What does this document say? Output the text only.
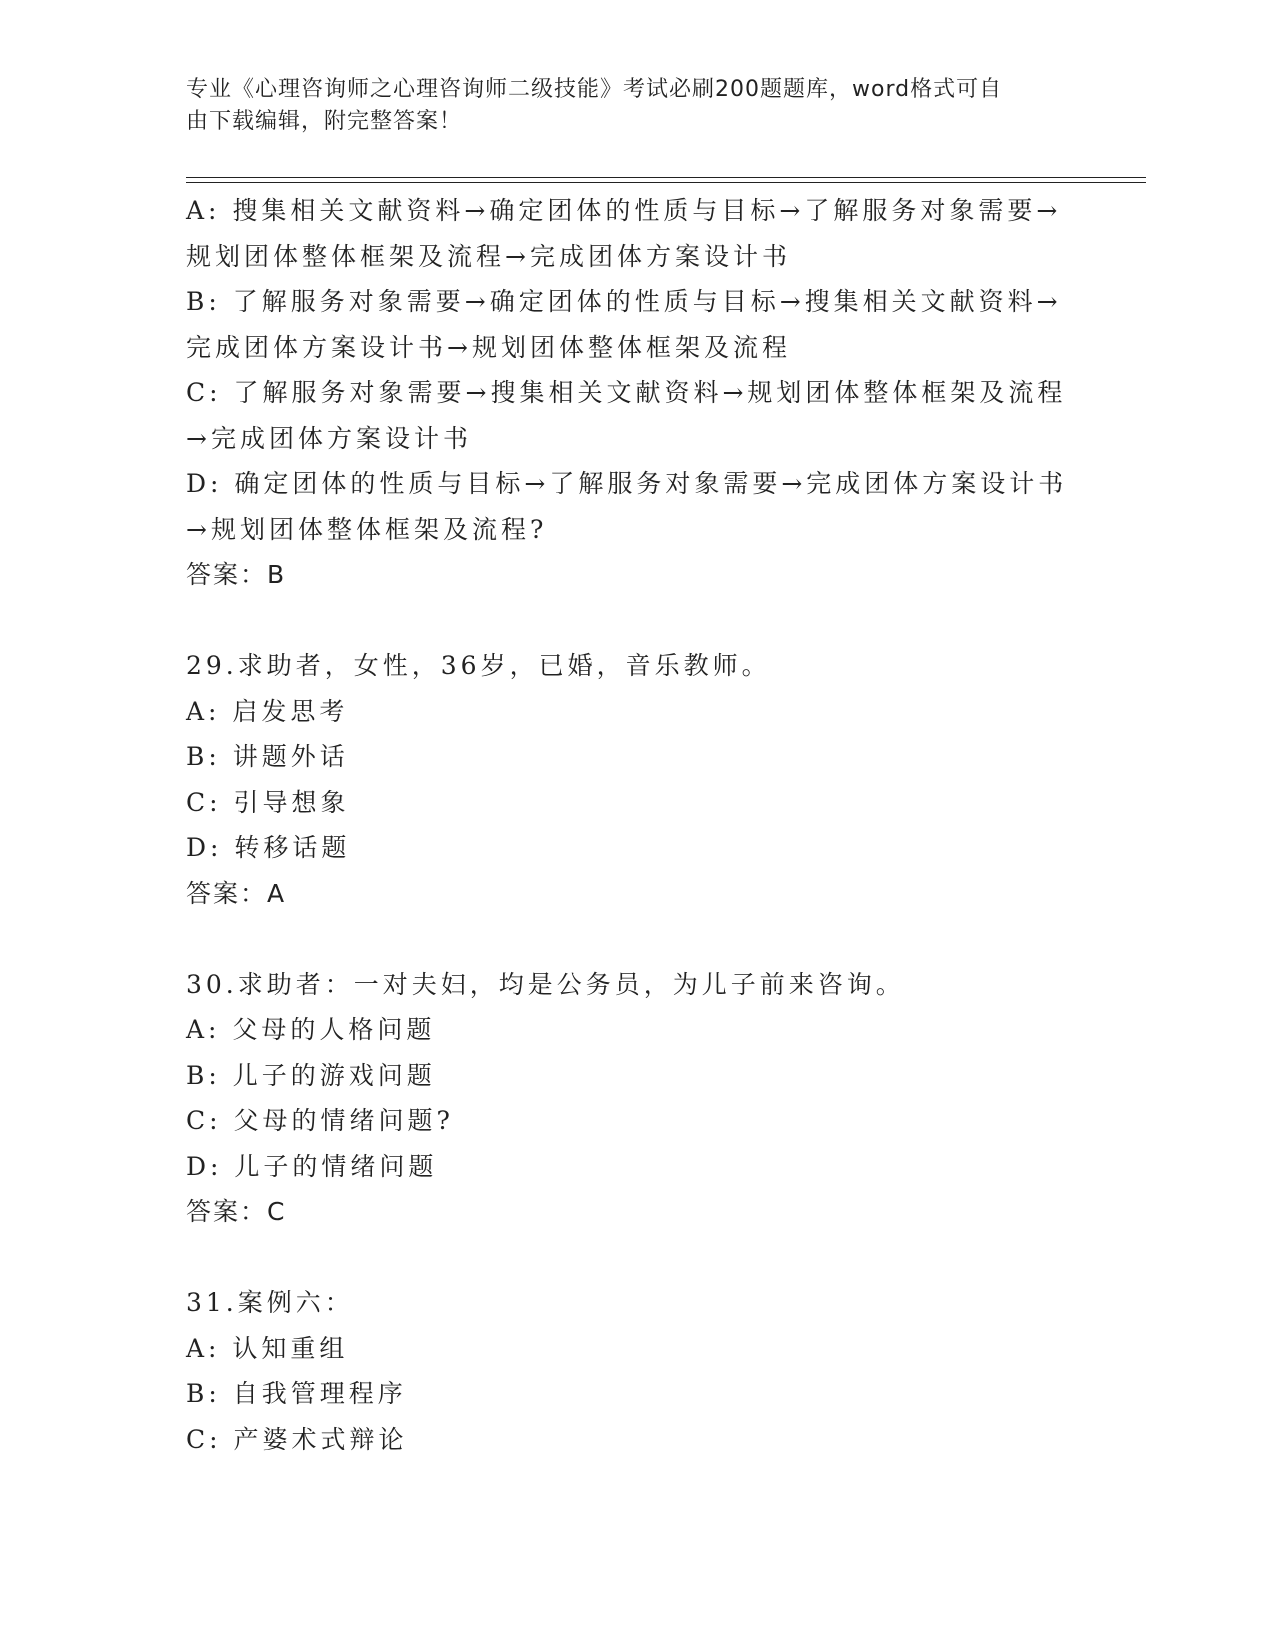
专业《心理咨询师之心理咨询师二级技能》考试必刷200题题库，word格式可自
由下载编辑，附完整答案！
A: 搜集相关文献资料→确定团体的性质与目标→了解服务对象需要→
规划团体整体框架及流程→完成团体方案设计书
B: 了解服务对象需要→确定团体的性质与目标→搜集相关文献资料→
完成团体方案设计书→规划团体整体框架及流程
C: 了解服务对象需要→搜集相关文献资料→规划团体整体框架及流程
→完成团体方案设计书
D: 确定团体的性质与目标→了解服务对象需要→完成团体方案设计书
→规划团体整体框架及流程?
答案：B
29.求助者，女性，36岁，已婚，音乐教师。
A: 启发思考
B: 讲题外话
C: 引导想象
D: 转移话题
答案：A
30.求助者：一对夫妇，均是公务员，为儿子前来咨询。
A: 父母的人格问题
B: 儿子的游戏问题
C: 父母的情绪问题?
D: 儿子的情绪问题
答案：C
31.案例六：
A: 认知重组
B: 自我管理程序
C: 产婆术式辩论
